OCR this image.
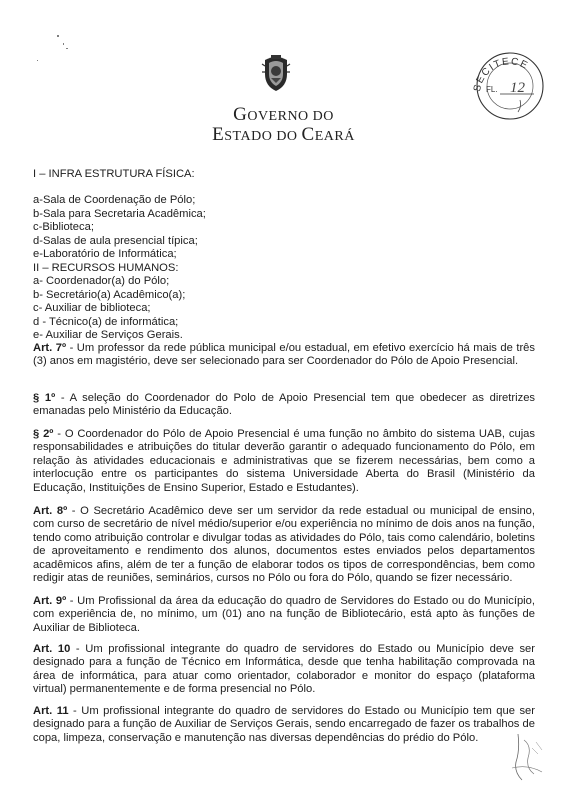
GOVERNO DO
ESTADO DO CEARÁ
SECITECE
FL. 12

I – INFRA ESTRUTURA FÍSICA:

a-Sala de Coordenação de Pólo;

b-Sala para Secretaria Acadêmica;

c-Biblioteca;

d-Salas de aula presencial típica;

e-Laboratório de Informática;

II – RECURSOS HUMANOS:

a- Coordenador(a) do Pólo;

b- Secretário(a) Acadêmico(a);

c- Auxiliar de biblioteca;

d - Técnico(a) de informática;

e- Auxiliar de Serviços Gerais.

Art. 7º - Um professor da rede pública municipal e/ou estadual, em efetivo exercício há mais de três (3) anos em magistério, deve ser selecionado para ser Coordenador do Pólo de Apoio Presencial.

§ 1º - A seleção do Coordenador do Polo de Apoio Presencial tem que obedecer as diretrizes emanadas pelo Ministério da Educação.

§ 2º - O Coordenador do Pólo de Apoio Presencial é uma função no âmbito do sistema UAB, cujas responsabilidades e atribuições do titular deverão garantir o adequado funcionamento do Pólo, em relação às atividades educacionais e administrativas que se fizerem necessárias, bem como a interlocução entre os participantes do sistema Universidade Aberta do Brasil (Ministério da Educação, Instituições de Ensino Superior, Estado e Estudantes).

Art. 8º - O Secretário Acadêmico deve ser um servidor da rede estadual ou municipal de ensino, com curso de secretário de nível médio/superior e/ou experiência no mínimo de dois anos na função, tendo como atribuição controlar e divulgar todas as atividades do Pólo, tais como calendário, boletins de aproveitamento e rendimento dos alunos, documentos estes enviados pelos departamentos acadêmicos afins, além de ter a função de elaborar todos os tipos de correspondências, bem como redigir atas de reuniões, seminários, cursos no Pólo ou fora do Pólo, quando se fizer necessário.

Art. 9º - Um Profissional da área da educação do quadro de Servidores do Estado ou do Município, com experiência de, no mínimo, um (01) ano na função de Bibliotecário, está apto às funções de Auxiliar de Biblioteca.

Art. 10 - Um profissional integrante do quadro de servidores do Estado ou Município deve ser designado para a função de Técnico em Informática, desde que tenha habilitação comprovada na área de informática, para atuar como orientador, colaborador e monitor do espaço (plataforma virtual) permanentemente e de forma presencial no Pólo.

Art. 11 - Um profissional integrante do quadro de servidores do Estado ou Município tem que ser designado para a função de Auxiliar de Serviços Gerais, sendo encarregado de fazer os trabalhos de copa, limpeza, conservação e manutenção nas diversas dependências do prédio do Pólo.
